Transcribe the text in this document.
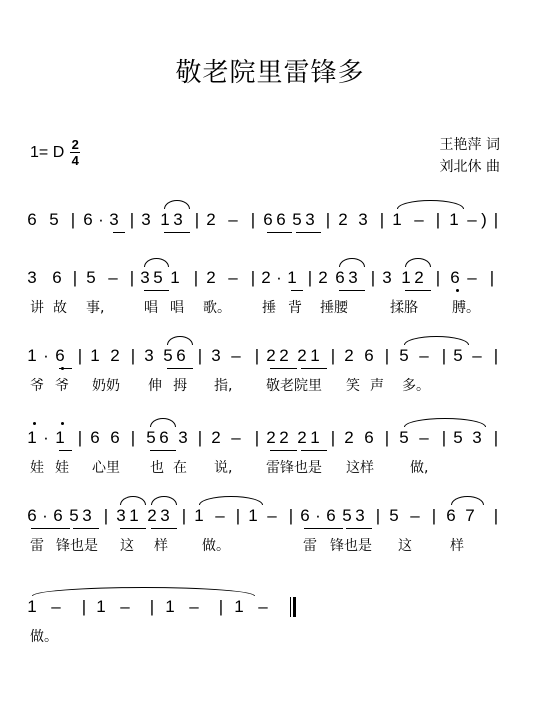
敬老院里雷锋多
1= D $\frac{2}{4}$	王艳萍 词
刘北休 曲
6 5 | 6 · 3 | 3 1 3 | 2 – | 6 6 5 3 | 2 3 | 1 – | 1 – ) |
3 6 | 5 – | 3 5 1 | 2 – | 2 · 1 | 2 6 3 | 3 1 2 | 6 – |
讲 故 事,	唱 唱 歌。 捶 背 捶腰	揉胳 膊。
1 · 6 | 1 2 | 3 5 6 | 3 – | 2 2 2 1 | 2 6 | 5 – | 5 – |
爷 爷 奶奶 伸 拇 指, 敬老院里 笑 声 多。
1 · 1 | 6 6 | 5 6 3 | 2 – | 2 2 2 1 | 2 6 | 5 – | 5 3 |
娃 娃 心里 也 在 说, 雷锋也是 这样	做,
6 · 6 5 3 | 3 1 2 3 | 1 – | 1 – | 6 · 6 5 3 | 5 – | 6 7 |
雷 锋也是 这 样 做。	雷 锋也是 这	样
1 – | 1 – | 1 – | 1 –
做。
